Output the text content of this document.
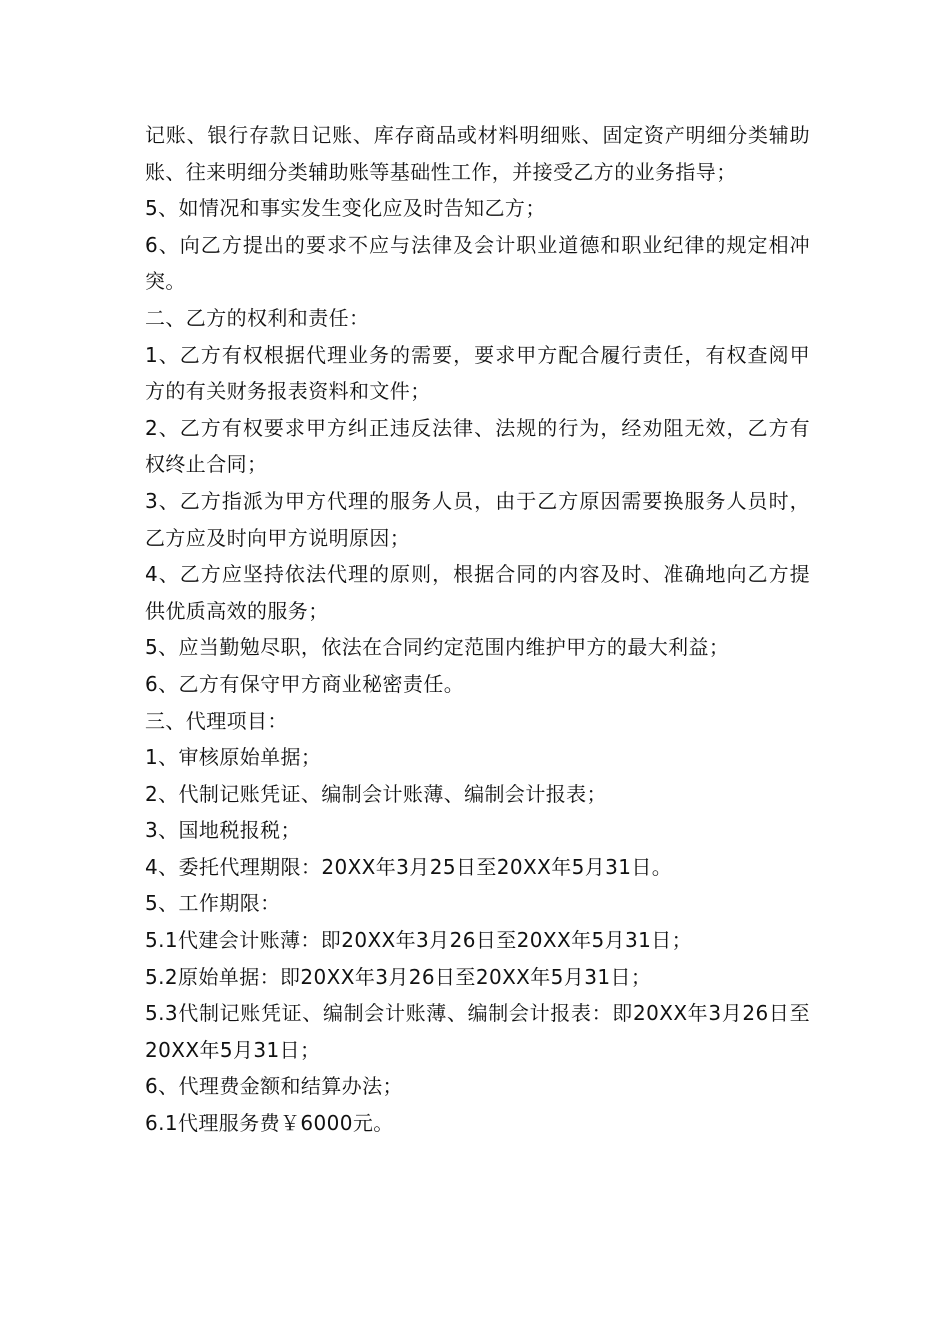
记账、银行存款日记账、库存商品或材料明细账、固定资产明细分类辅助账、往来明细分类辅助账等基础性工作，并接受乙方的业务指导；

5、如情况和事实发生变化应及时告知乙方；

6、向乙方提出的要求不应与法律及会计职业道德和职业纪律的规定相冲突。

二、乙方的权利和责任：

1、乙方有权根据代理业务的需要，要求甲方配合履行责任，有权查阅甲方的有关财务报表资料和文件；

2、乙方有权要求甲方纠正违反法律、法规的行为，经劝阻无效，乙方有权终止合同；

3、乙方指派为甲方代理的服务人员，由于乙方原因需要换服务人员时，乙方应及时向甲方说明原因；

4、乙方应坚持依法代理的原则，根据合同的内容及时、准确地向乙方提供优质高效的服务；

5、应当勤勉尽职，依法在合同约定范围内维护甲方的最大利益；

6、乙方有保守甲方商业秘密责任。

三、代理项目：

1、审核原始单据；

2、代制记账凭证、编制会计账薄、编制会计报表；

3、国地税报税；

4、委托代理期限：20XX年3月25日至20XX年5月31日。

5、工作期限：

5.1代建会计账薄：即20XX年3月26日至20XX年5月31日；

5.2原始单据：即20XX年3月26日至20XX年5月31日；

5.3代制记账凭证、编制会计账薄、编制会计报表：即20XX年3月26日至20XX年5月31日；

6、代理费金额和结算办法；

6.1代理服务费￥6000元。
